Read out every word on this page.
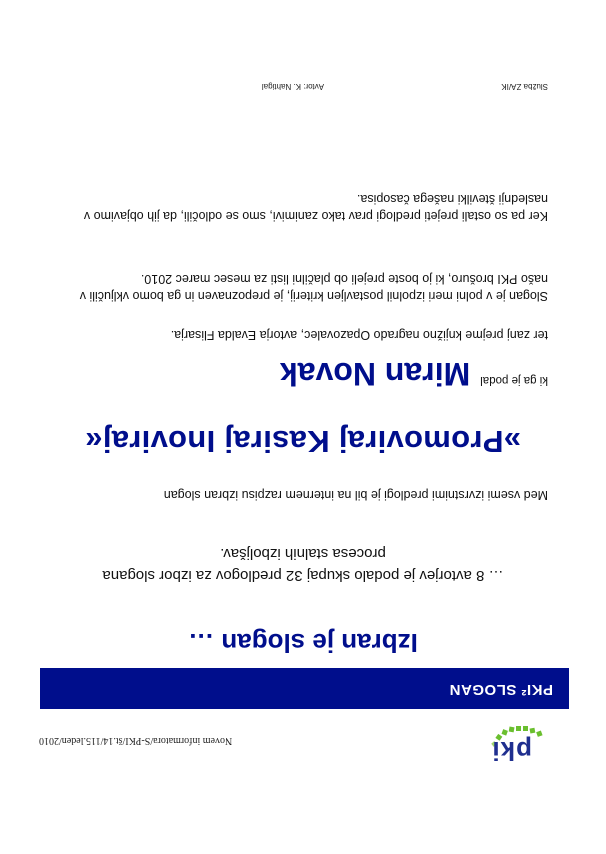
pki
Novem informatora/S-PKI/št.14/115.leden/2010
PKI² SLOGAN
Izbran je slogan …
… 8 avtorjev je podalo skupaj 32 predlogov za izbor slogana procesa stalnih izboljšav.
Med vsemi izvrstnimi predlogi je bil na internem razpisu izbran slogan
»Promoviraj Kasiraj Inoviraj«
$^{ki ga je podal}$Miran Novak
ter zanj prejme knjižno nagrado Opazovalec, avtorja Evalda Flisarja.
Slogan je v polni meri izpolnil postavljen kriterij, je prepoznaven in ga bomo vključili v našo PKI brošuro, ki jo boste prejeli ob plačilni listi za mesec marec 2010.
Ker pa so ostali prejeti predlogi prav tako zanimivi, smo se odločili, da jih objavimo v naslednji številki našega časopisa.
Služba ZA/IK
Avtor: K. Nahtigal
